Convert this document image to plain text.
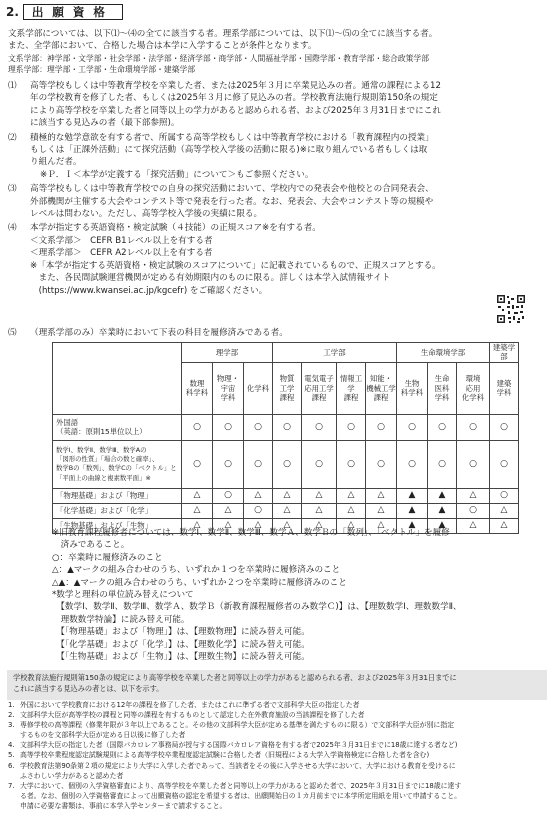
2.	出願資格

文系学部については、以下⑴〜⑷の全てに該当する者。理系学部については、以下⑴〜⑸の全てに該当する者。

また、全学部において、合格した場合は本学に入学することが条件となります。

文系学部：神学部・文学部・社会学部・法学部・経済学部・商学部・人間福祉学部・国際学部・教育学部・総合政策学部

理系学部：理学部・工学部・生命環境学部・建築学部

⑴	高等学校もしくは中等教育学校を卒業した者、または2025年３月に卒業見込みの者。通常の課程による12

年の学校教育を修了した者、もしくは2025年３月に修了見込みの者。学校教育法施行規則第150条の規定

により高等学校を卒業した者と同等以上の学力があると認められる者、および2025年３月31日までにこれ

に該当する見込みの者（最下部参照)。

⑵	積極的な勉学意欲を有する者で、所属する高等学校もしくは中等教育学校における「教育課程内の授業」

もしくは「正課外活動」にて探究活動（高等学校入学後の活動に限る)※に取り組んでいる者もしくは取

り組んだ者。

※Ｐ．Ｉ＜本学が定義する「探究活動」について＞もご参照ください。

⑶	高等学校もしくは中等教育学校での自身の探究活動において、学校内での発表会や他校との合同発表会、

外部機関が主催する大会やコンテスト等で発表を行った者。なお、発表会、大会やコンテスト等の規模や

レベルは問わない。ただし、高等学校入学後の実績に限る。

⑷	本学が指定する英語資格・検定試験（４技能）の正規スコア※を有する者。

＜文系学部＞　CEFR B1レベル以上を有する者

＜理系学部＞　CEFR A2レベル以上を有する者

※「本学が指定する英語資格・検定試験のスコアについて」に記載されているもので、正規スコアとする。

　また、各民間試験運営機関が定める有効期限内のものに限る。詳しくは本学入試情報サイト

　(https://www.kwansei.ac.jp/kgcefr) をご確認ください。

⑸	（理系学部のみ）卒業時において下表の科目を履修済みである者。

	理学部			工学部				生命環境学部			建築学部
	数理
科学科	物理・
宇宙
学科	化学科	物質
工学
課程	電気電子
応用工学
課程	情報工学
課程	知能・
機械工学
課程	生物
科学科	生命
医科
学科	環境
応用
化学科	建築
学科
外国語
（英語：原則15単位以上）	○	○	○	○	○	○	○	○	○	○	○
数学Ⅰ、数学Ⅱ、数学Ⅲ、数学Aの
「図形の性質」「場合の数と確率」、
数学Bの「数列」、数学Cの「ベクトル」と
「平面上の曲線と複素数平面」※	○	○	○	○	○	○	○	○	○	○	○
「物理基礎」および「物理」	△	○	△	△	△	△	△	▲	▲	△	○
「化学基礎」および「化学」	△	△	○	△	△	△	△	▲	▲	○	△
「生物基礎」および「生物」	△	△	△	△	△	△	△	▲	▲	△	△

※旧教育課程履修者については、数学Ⅰ、数学Ⅱ、数学Ⅲ、数学Ａ、数学Ｂの「数列」、「ベクトル」を履修

　済みであること。

○：卒業時に履修済みのこと

△：▲マークの組み合わせのうち、いずれか１つを卒業時に履修済みのこと

△▲：▲マークの組み合わせのうち、いずれか２つを卒業時に履修済みのこと

*数学と理科の単位読み替えについて

　【数学Ⅰ、数学Ⅱ、数学Ⅲ、数学Ａ、数学Ｂ（新教育課程履修者のみ数学Ｃ)】は、【理数数学Ⅰ、理数数学Ⅱ、

　理数数学特論】に読み替え可能。

　【「物理基礎」および「物理」】は、【理数物理】に読み替え可能。

　【「化学基礎」および「化学」】は、【理数化学】に読み替え可能。

　【「生物基礎」および「生物」】は、【理数生物】に読み替え可能。

学校教育法施行規則第150条の規定により高等学校を卒業した者と同等以上の学力があると認められる者、および2025年３月31日までに
これに該当する見込みの者とは、以下を示す。
1. 外国において学校教育における12年の課程を修了した者、またはこれに準ずる者で文部科学大臣の指定した者

2. 文部科学大臣が高等学校の課程と同等の課程を有するものとして認定した在外教育施設の当該課程を修了した者

3. 専修学校の高等課程（修業年限が３年以上であること。その他の文部科学大臣が定める基準を満たすものに限る）で文部科学大臣が別に指定

するものを文部科学大臣が定める日以後に修了した者

4. 文部科学大臣の指定した者（国際バカロレア事務局が授与する国際バカロレア資格を有する者で2025年３月31日までに18歳に達する者など)

5. 高等学校卒業程度認定試験規則による高等学校卒業程度認定試験に合格した者（旧規程による大学入学資格検定に合格した者を含む)

6. 学校教育法第90条第２項の規定により大学に入学した者であって、当該者をその後に入学させる大学において、大学における教育を受けるに

ふさわしい学力があると認めた者

7. 大学において、個別の入学資格審査により、高等学校を卒業した者と同等以上の学力があると認めた者で、2025年３月31日までに18歳に達す

る者。なお、個別の入学資格審査によって出願資格の認定を希望する者は、出願開始日の１カ月前までに本学所定用紙を用いて申請すること。

申請に必要な書類は、事前に本学入学センターまで請求すること。
